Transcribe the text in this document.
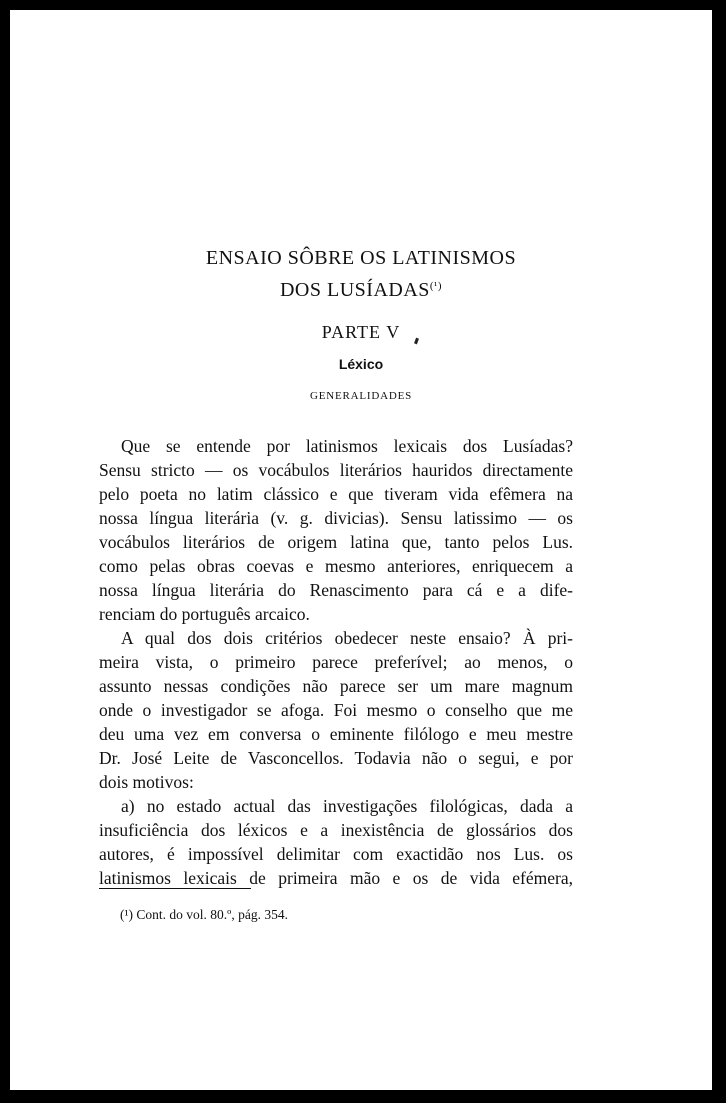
ENSAIO SÔBRE OS LATINISMOS
DOS LUSÍADAS$^{(^1)}$
PARTE V
Léxico
GENERALIDADES
Que se entende por latinismos lexicais dos Lusíadas?
Sensu stricto — os vocábulos literários hauridos directamente
pelo poeta no latim clássico e que tiveram vida efêmera na
nossa língua literária (v. g. divicias). Sensu latissimo — os
vocábulos literários de origem latina que, tanto pelos Lus.
como pelas obras coevas e mesmo anteriores, enriquecem a
nossa língua literária do Renascimento para cá e a dife-
renciam do português arcaico.
A qual dos dois critérios obedecer neste ensaio? À pri-
meira vista, o primeiro parece preferível; ao menos, o
assunto nessas condições não parece ser um mare magnum
onde o investigador se afoga. Foi mesmo o conselho que me
deu uma vez em conversa o eminente filólogo e meu mestre
Dr. José Leite de Vasconcellos. Todavia não o segui, e por
dois motivos:
a) no estado actual das investigações filológicas, dada a
insuficiência dos léxicos e a inexistência de glossários dos
autores, é impossível delimitar com exactidão nos Lus. os
latinismos lexicais de primeira mão e os de vida efémera,
(¹) Cont. do vol. 80.º, pág. 354.
